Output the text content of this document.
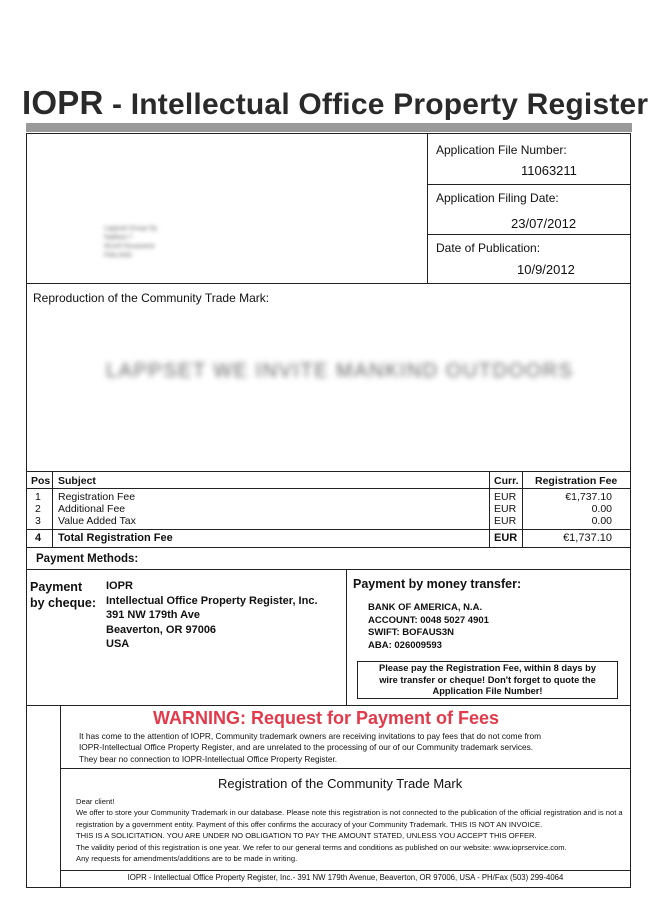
IOPR - Intellectual Office Property Register
Lappset Group Oy
Nallikari 7
90100 Rovaniemi
FINLAND
Application File Number:
11063211
Application Filing Date:
23/07/2012
Date of Publication:
10/9/2012
Reproduction of the Community Trade Mark:
LAPPSET WE INVITE MANKIND OUTDOORS
Pos Subject	Curr. Registration Fee
1 Registration Fee	EUR	€1,737.10
2 Additional Fee	EUR	0.00
3 Value Added Tax	EUR	0.00
4 Total Registration Fee	EUR	€1,737.10
Payment Methods:
Payment
by cheque:
IOPR
Intellectual Office Property Register, Inc.
391 NW 179th Ave
Beaverton, OR 97006
USA
Payment by money transfer:
BANK OF AMERICA, N.A.
ACCOUNT: 0048 5027 4901
SWIFT: BOFAUS3N
ABA: 026009593
Please pay the Registration Fee, within 8 days by
wire transfer or cheque! Don't forget to quote the
Application File Number!
WARNING: Request for Payment of Fees
It has come to the attention of IOPR, Community trademark owners are receiving invitations to pay fees that do not come from
IOPR-Intellectual Office Property Register, and are unrelated to the processing of our of our Community trademark services.
They bear no connection to IOPR-Intellectual Office Property Register.
Registration of the Community Trade Mark
Dear client!
We offer to store your Community Trademark in our database. Please note this registration is not connected to the publication of the official registration and is not a
registration by a government entity. Payment of this offer confirms the accuracy of your Community Trademark. THIS IS NOT AN INVOICE.
THIS IS A SOLICITATION. YOU ARE UNDER NO OBLIGATION TO PAY THE AMOUNT STATED, UNLESS YOU ACCEPT THIS OFFER.
The validity period of this registration is one year. We refer to our general terms and conditions as published on our website: www.ioprservice.com.
Any requests for amendments/additions are to be made in writing.
IOPR - Intellectual Office Property Register, Inc.- 391 NW 179th Avenue, Beaverton, OR 97006, USA - PH/Fax (503) 299-4064
